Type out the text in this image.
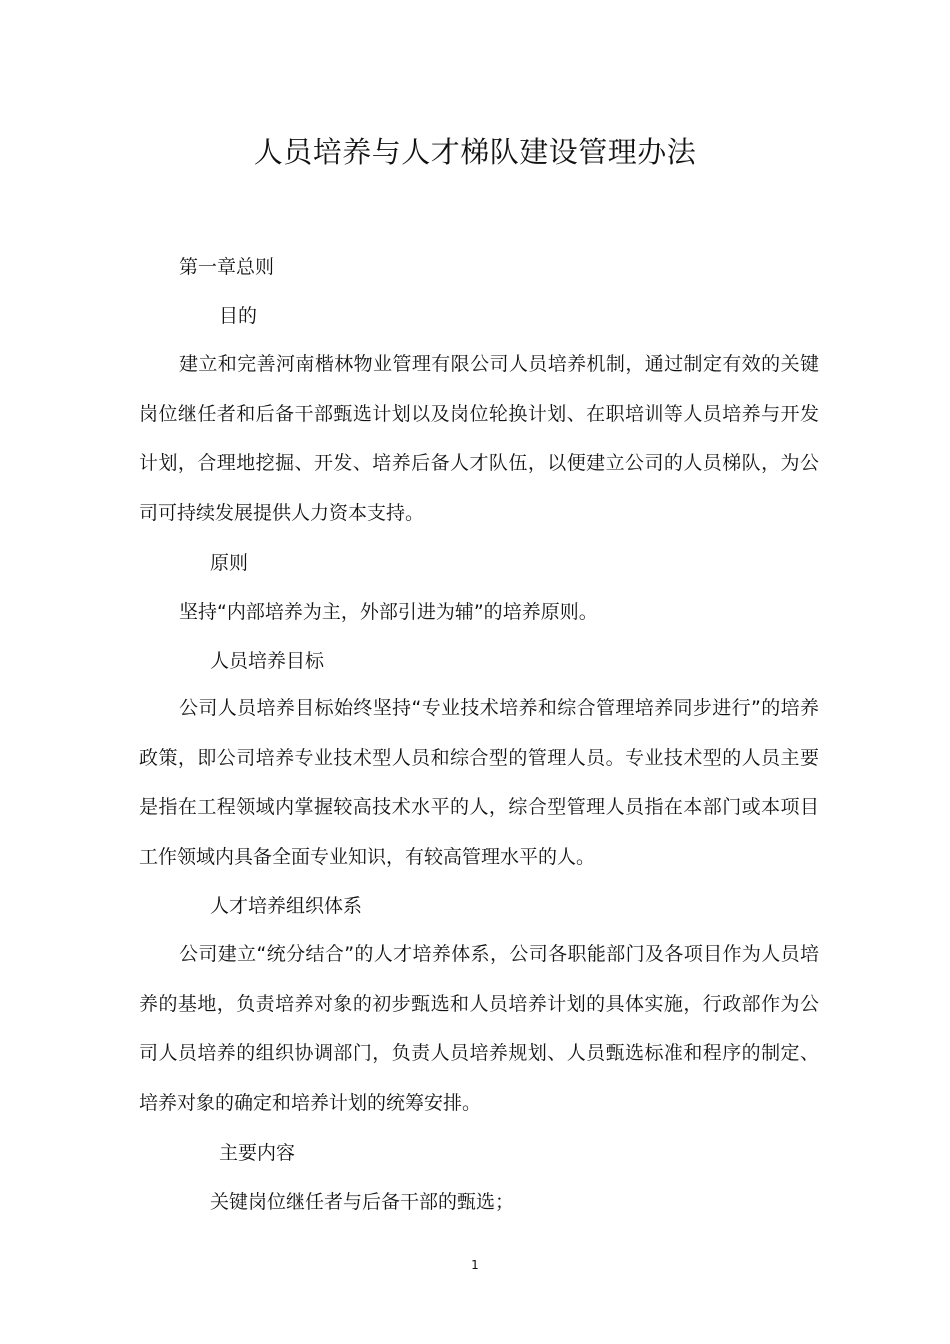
人员培养与人才梯队建设管理办法
第一章总则
目的

建立和完善河南楷林物业管理有限公司人员培养机制，通过制定有效的关键岗位继任者和后备干部甄选计划以及岗位轮换计划、在职培训等人员培养与开发计划，合理地挖掘、开发、培养后备人才队伍，以便建立公司的人员梯队，为公司可持续发展提供人力资本支持。

原则
坚持“内部培养为主，外部引进为辅”的培养原则。
人员培养目标

公司人员培养目标始终坚持“专业技术培养和综合管理培养同步进行”的培养政策，即公司培养专业技术型人员和综合型的管理人员。专业技术型的人员主要是指在工程领域内掌握较高技术水平的人，综合型管理人员指在本部门或本项目工作领域内具备全面专业知识，有较高管理水平的人。

人才培养组织体系

公司建立“统分结合”的人才培养体系，公司各职能部门及各项目作为人员培养的基地，负责培养对象的初步甄选和人员培养计划的具体实施，行政部作为公司人员培养的组织协调部门，负责人员培养规划、人员甄选标准和程序的制定、培养对象的确定和培养计划的统筹安排。

主要内容
关键岗位继任者与后备干部的甄选；
1
